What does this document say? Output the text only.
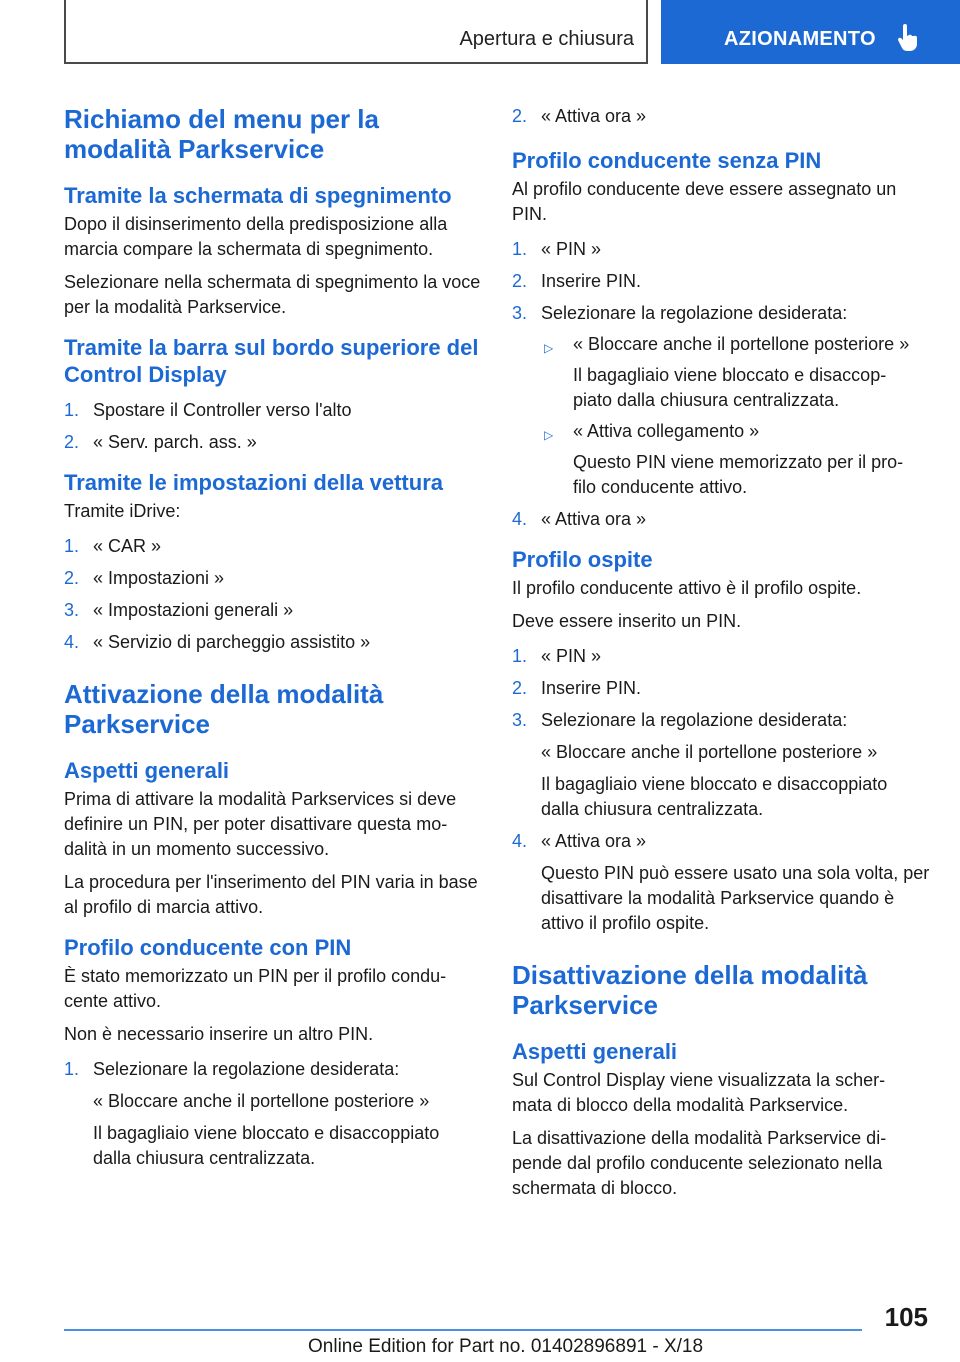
Apertura e chiusura	AZIONAMENTO
Richiamo del menu per la modalità Parkservice
Tramite la schermata di spegnimento

Dopo il disinserimento della predisposizione alla marcia compare la schermata di spegnimento.

Selezionare nella schermata di spegnimento la voce per la modalità Parkservice.

Tramite la barra sul bordo superiore del Control Display
1. Spostare il Controller verso l'alto
2. « Serv. parch. ass. »
Tramite le impostazioni della vettura

Tramite iDrive:

1. « CAR »
2. « Impostazioni »
3. « Impostazioni generali »
4. « Servizio di parcheggio assistito »
Attivazione della modalità Parkservice
Aspetti generali

Prima di attivare la modalità Parkservices si deve definire un PIN, per poter disattivare questa mo‐ dalità in un momento successivo.

La procedura per l'inserimento del PIN varia in base al profilo di marcia attivo.

Profilo conducente con PIN

È stato memorizzato un PIN per il profilo condu‐ cente attivo.

Non è necessario inserire un altro PIN.

1. Selezionare la regolazione desiderata:
« Bloccare anche il portellone posteriore »
Il bagagliaio viene bloccato e disaccoppiato dalla chiusura centralizzata.
2. « Attiva ora »
Profilo conducente senza PIN

Al profilo conducente deve essere assegnato un PIN.

1. « PIN »
2. Inserire PIN.
3. Selezionare la regolazione desiderata:
▷ « Bloccare anche il portellone posteriore »
Il bagagliaio viene bloccato e disaccop‐ piato dalla chiusura centralizzata.
▷ « Attiva collegamento »
Questo PIN viene memorizzato per il pro‐ filo conducente attivo.
4. « Attiva ora »
Profilo ospite

Il profilo conducente attivo è il profilo ospite.

Deve essere inserito un PIN.

1. « PIN »
2. Inserire PIN.
3. Selezionare la regolazione desiderata:
« Bloccare anche il portellone posteriore »
Il bagagliaio viene bloccato e disaccoppiato dalla chiusura centralizzata.
4. « Attiva ora »
Questo PIN può essere usato una sola volta, per disattivare la modalità Parkservice quando è attivo il profilo ospite.
Disattivazione della modalità Parkservice
Aspetti generali

Sul Control Display viene visualizzata la scher‐ mata di blocco della modalità Parkservice.

La disattivazione della modalità Parkservice di‐ pende dal profilo conducente selezionato nella schermata di blocco.

105
Online Edition for Part no. 01402896891 - X/18
